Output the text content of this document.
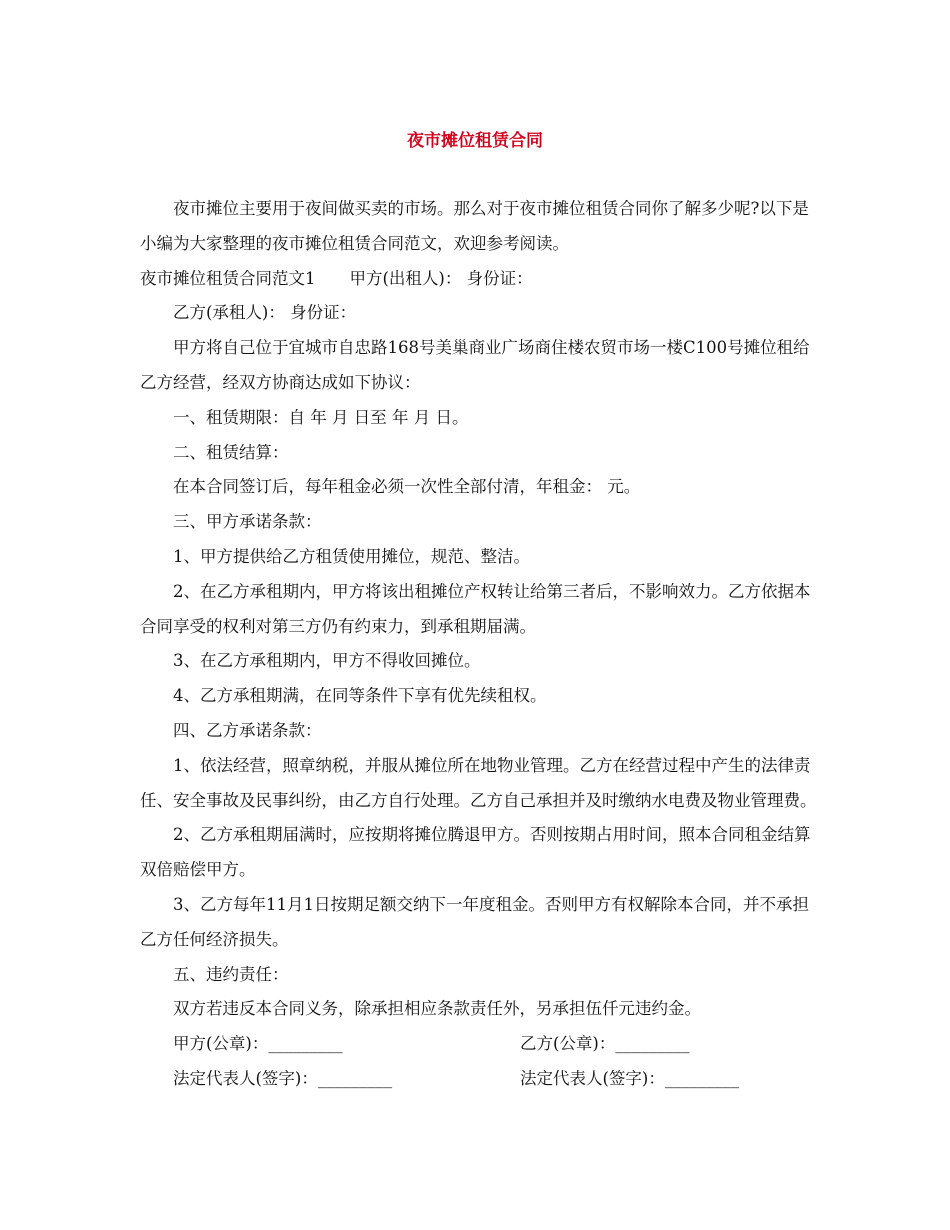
夜市摊位租赁合同

夜市摊位主要用于夜间做买卖的市场。那么对于夜市摊位租赁合同你了解多少呢?以下是小编为大家整理的夜市摊位租赁合同范文，欢迎参考阅读。

夜市摊位租赁合同范文1 甲方(出租人)： 身份证：

乙方(承租人)： 身份证：

甲方将自己位于宜城市自忠路168号美巢商业广场商住楼农贸市场一楼C100号摊位租给乙方经营，经双方协商达成如下协议：

一、租赁期限：自 年 月 日至 年 月 日。

二、租赁结算：

在本合同签订后，每年租金必须一次性全部付清，年租金： 元。

三、甲方承诺条款：

1、甲方提供给乙方租赁使用摊位，规范、整洁。

2、在乙方承租期内，甲方将该出租摊位产权转让给第三者后，不影响效力。乙方依据本合同享受的权利对第三方仍有约束力，到承租期届满。

3、在乙方承租期内，甲方不得收回摊位。

4、乙方承租期满，在同等条件下享有优先续租权。

四、乙方承诺条款：

1、依法经营，照章纳税，并服从摊位所在地物业管理。乙方在经营过程中产生的法律责任、安全事故及民事纠纷，由乙方自行处理。乙方自己承担并及时缴纳水电费及物业管理费。

2、乙方承租期届满时，应按期将摊位腾退甲方。否则按期占用时间，照本合同租金结算双倍赔偿甲方。

3、乙方每年11月1日按期足额交纳下一年度租金。否则甲方有权解除本合同，并不承担乙方任何经济损失。

五、违约责任：

双方若违反本合同义务，除承担相应条款责任外，另承担伍仟元违约金。

甲方(公章)：_________	乙方(公章)：_________
法定代表人(签字)：_________	法定代表人(签字)：_________
